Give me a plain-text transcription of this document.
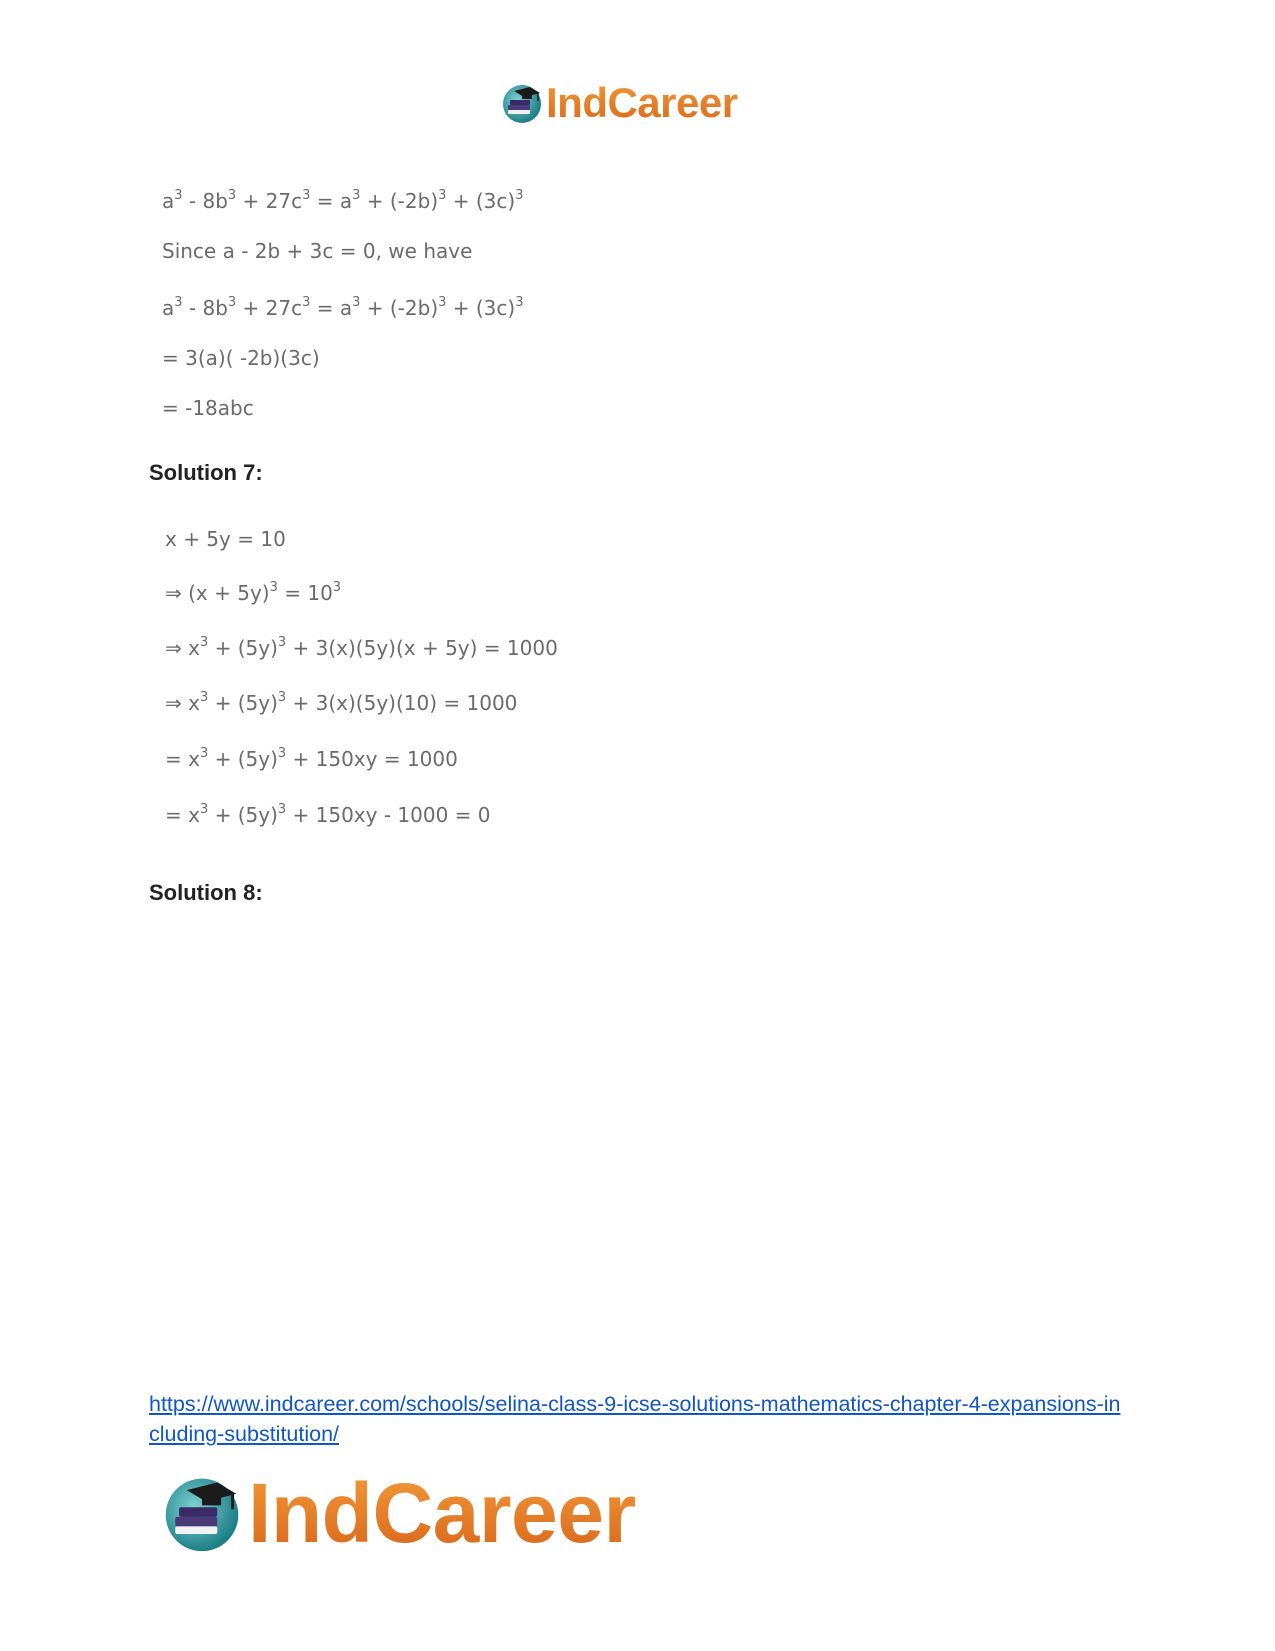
IndCareer
$a^3 - 8b^3 + 27c^3 = a^3 + (-2b)^3 + (3c)^3$
Since a - 2b + 3c = 0, we have
$a^3 - 8b^3 + 27c^3 = a^3 + (-2b)^3 + (3c)^3$
= 3(a)( -2b)(3c)
= -18abc
Solution 7:
x + 5y = 10
⇒ $(x + 5y)^3 = 10^3$
⇒ $x^3 + (5y)^3 + 3(x)(5y)(x + 5y) = 1000$
⇒ $x^3 + (5y)^3 + 3(x)(5y)(10) = 1000$
= $x^3 + (5y)^3 + 150xy = 1000$
= $x^3 + (5y)^3 + 150xy - 1000 = 0$
Solution 8:
https://www.indcareer.com/schools/selina-class-9-icse-solutions-mathematics-chapter-4-expansions-including-substitution/
IndCareer
